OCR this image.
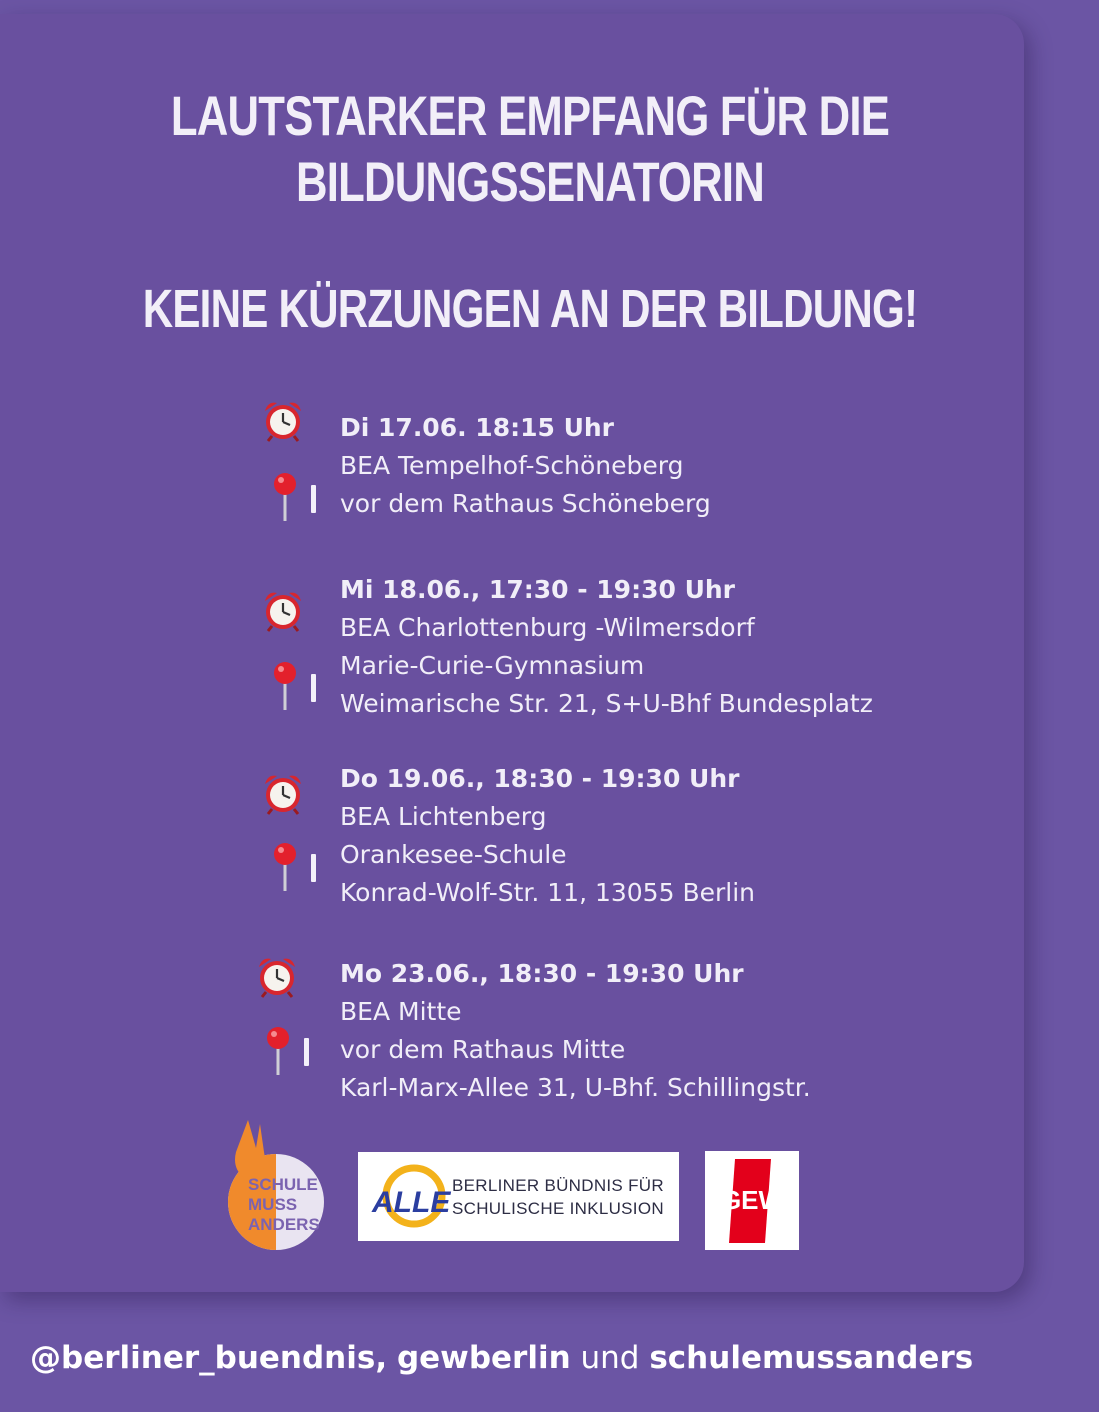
LAUTSTARKER EMPFANG FÜR DIE
BILDUNGSSENATORIN
KEINE KÜRZUNGEN AN DER BILDUNG!
Di 17.06. 18:15 Uhr
BEA Tempelhof-Schöneberg
vor dem Rathaus Schöneberg
Mi 18.06., 17:30 - 19:30 Uhr
BEA Charlottenburg -Wilmersdorf
Marie-Curie-Gymnasium
Weimarische Str. 21, S+U-Bhf Bundesplatz
Do 19.06., 18:30 - 19:30 Uhr
BEA Lichtenberg
Orankesee-Schule
Konrad-Wolf-Str. 11, 13055 Berlin
Mo 23.06., 18:30 - 19:30 Uhr
BEA Mitte
vor dem Rathaus Mitte
Karl-Marx-Allee 31, U-Bhf. Schillingstr.
SCHULE
MUSS
ANDERS
ALLE
BERLINER BÜNDNIS FÜR
SCHULISCHE INKLUSION GEW
@berliner_buendnis, gewberlin und schulemussanders
